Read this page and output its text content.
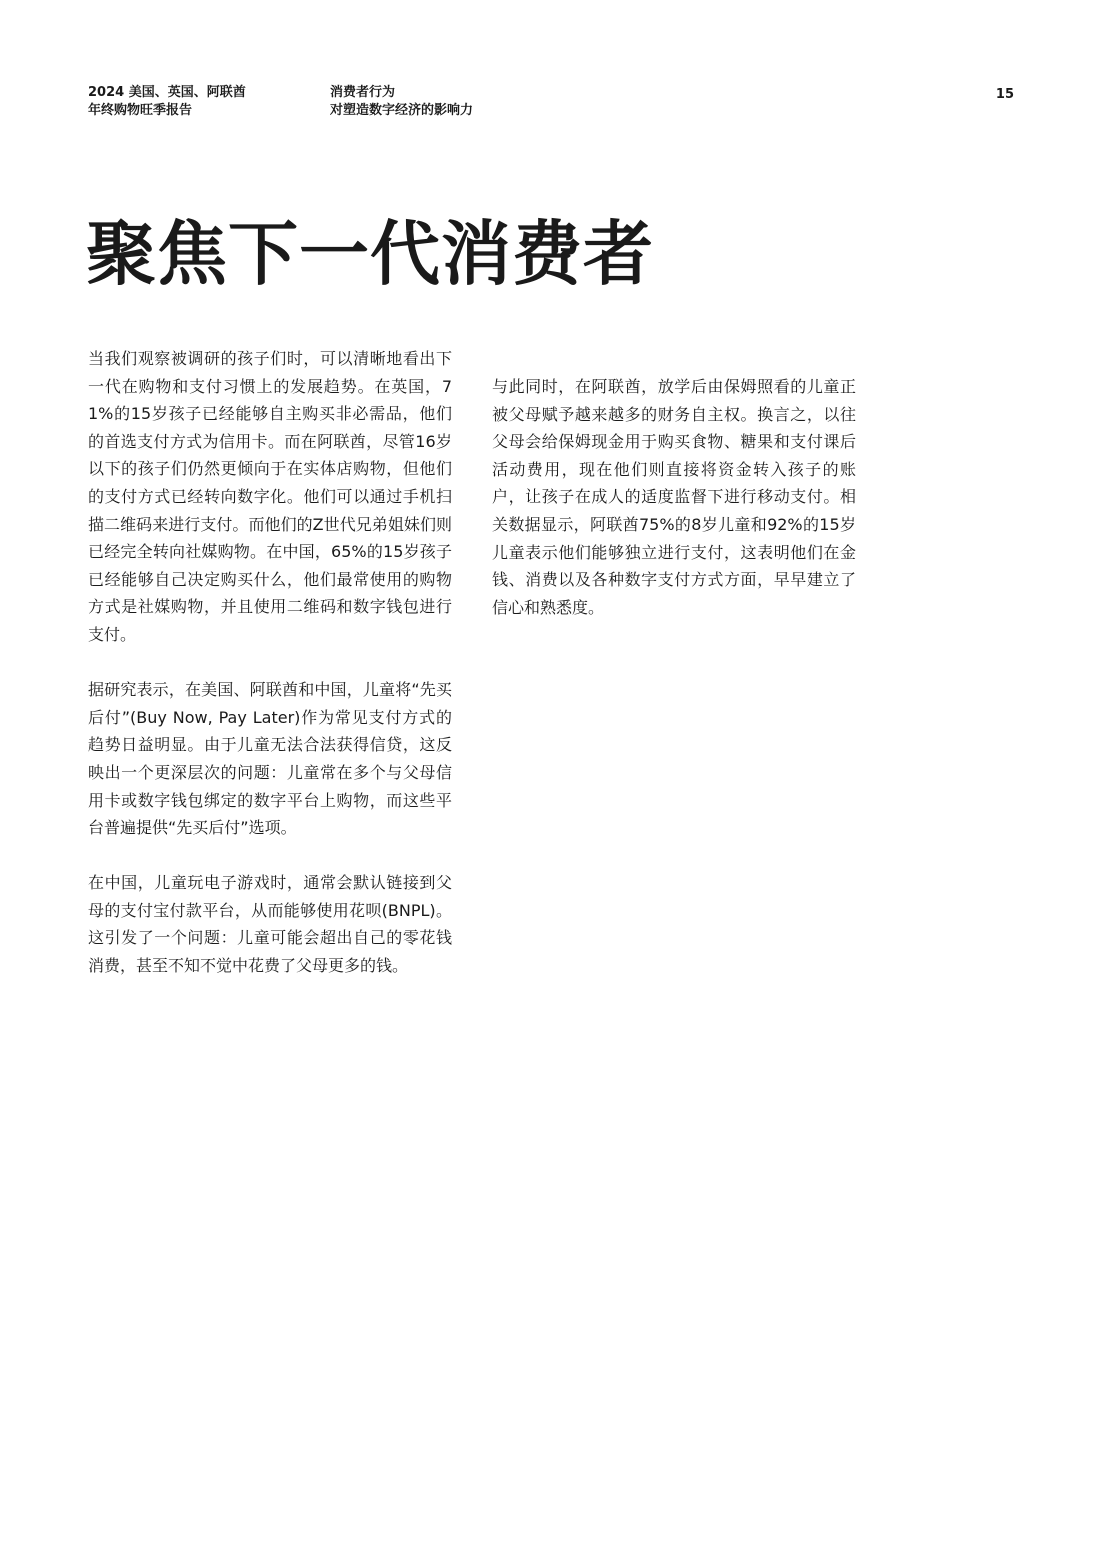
2024 美国、英国、阿联酋
年终购物旺季报告
消费者行为
对塑造数字经济的影响力
15
聚焦下一代消费者

当我们观察被调研的孩子们时，可以清晰地看出下一代在购物和支付习惯上的发展趋势。在英国，71%的15岁孩子已经能够自主购买非必需品，他们的首选支付方式为信用卡。而在阿联酋，尽管16岁以下的孩子们仍然更倾向于在实体店购物，但他们的支付方式已经转向数字化。他们可以通过手机扫描二维码来进行支付。而他们的Z世代兄弟姐妹们则已经完全转向社媒购物。在中国，65%的15岁孩子已经能够自己决定购买什么，他们最常使用的购物方式是社媒购物，并且使用二维码和数字钱包进行支付。

据研究表示，在美国、阿联酋和中国，儿童将“先买后付”(Buy Now, Pay Later)作为常见支付方式的趋势日益明显。由于儿童无法合法获得信贷，这反映出一个更深层次的问题：儿童常在多个与父母信用卡或数字钱包绑定的数字平台上购物，而这些平台普遍提供“先买后付”选项。

在中国，儿童玩电子游戏时，通常会默认链接到父母的支付宝付款平台，从而能够使用花呗(BNPL)。这引发了一个问题：儿童可能会超出自己的零花钱消费，甚至不知不觉中花费了父母更多的钱。

与此同时，在阿联酋，放学后由保姆照看的儿童正被父母赋予越来越多的财务自主权。换言之，以往父母会给保姆现金用于购买食物、糖果和支付课后活动费用，现在他们则直接将资金转入孩子的账户，让孩子在成人的适度监督下进行移动支付。相关数据显示，阿联酋75%的8岁儿童和92%的15岁儿童表示他们能够独立进行支付，这表明他们在金钱、消费以及各种数字支付方式方面，早早建立了信心和熟悉度。
